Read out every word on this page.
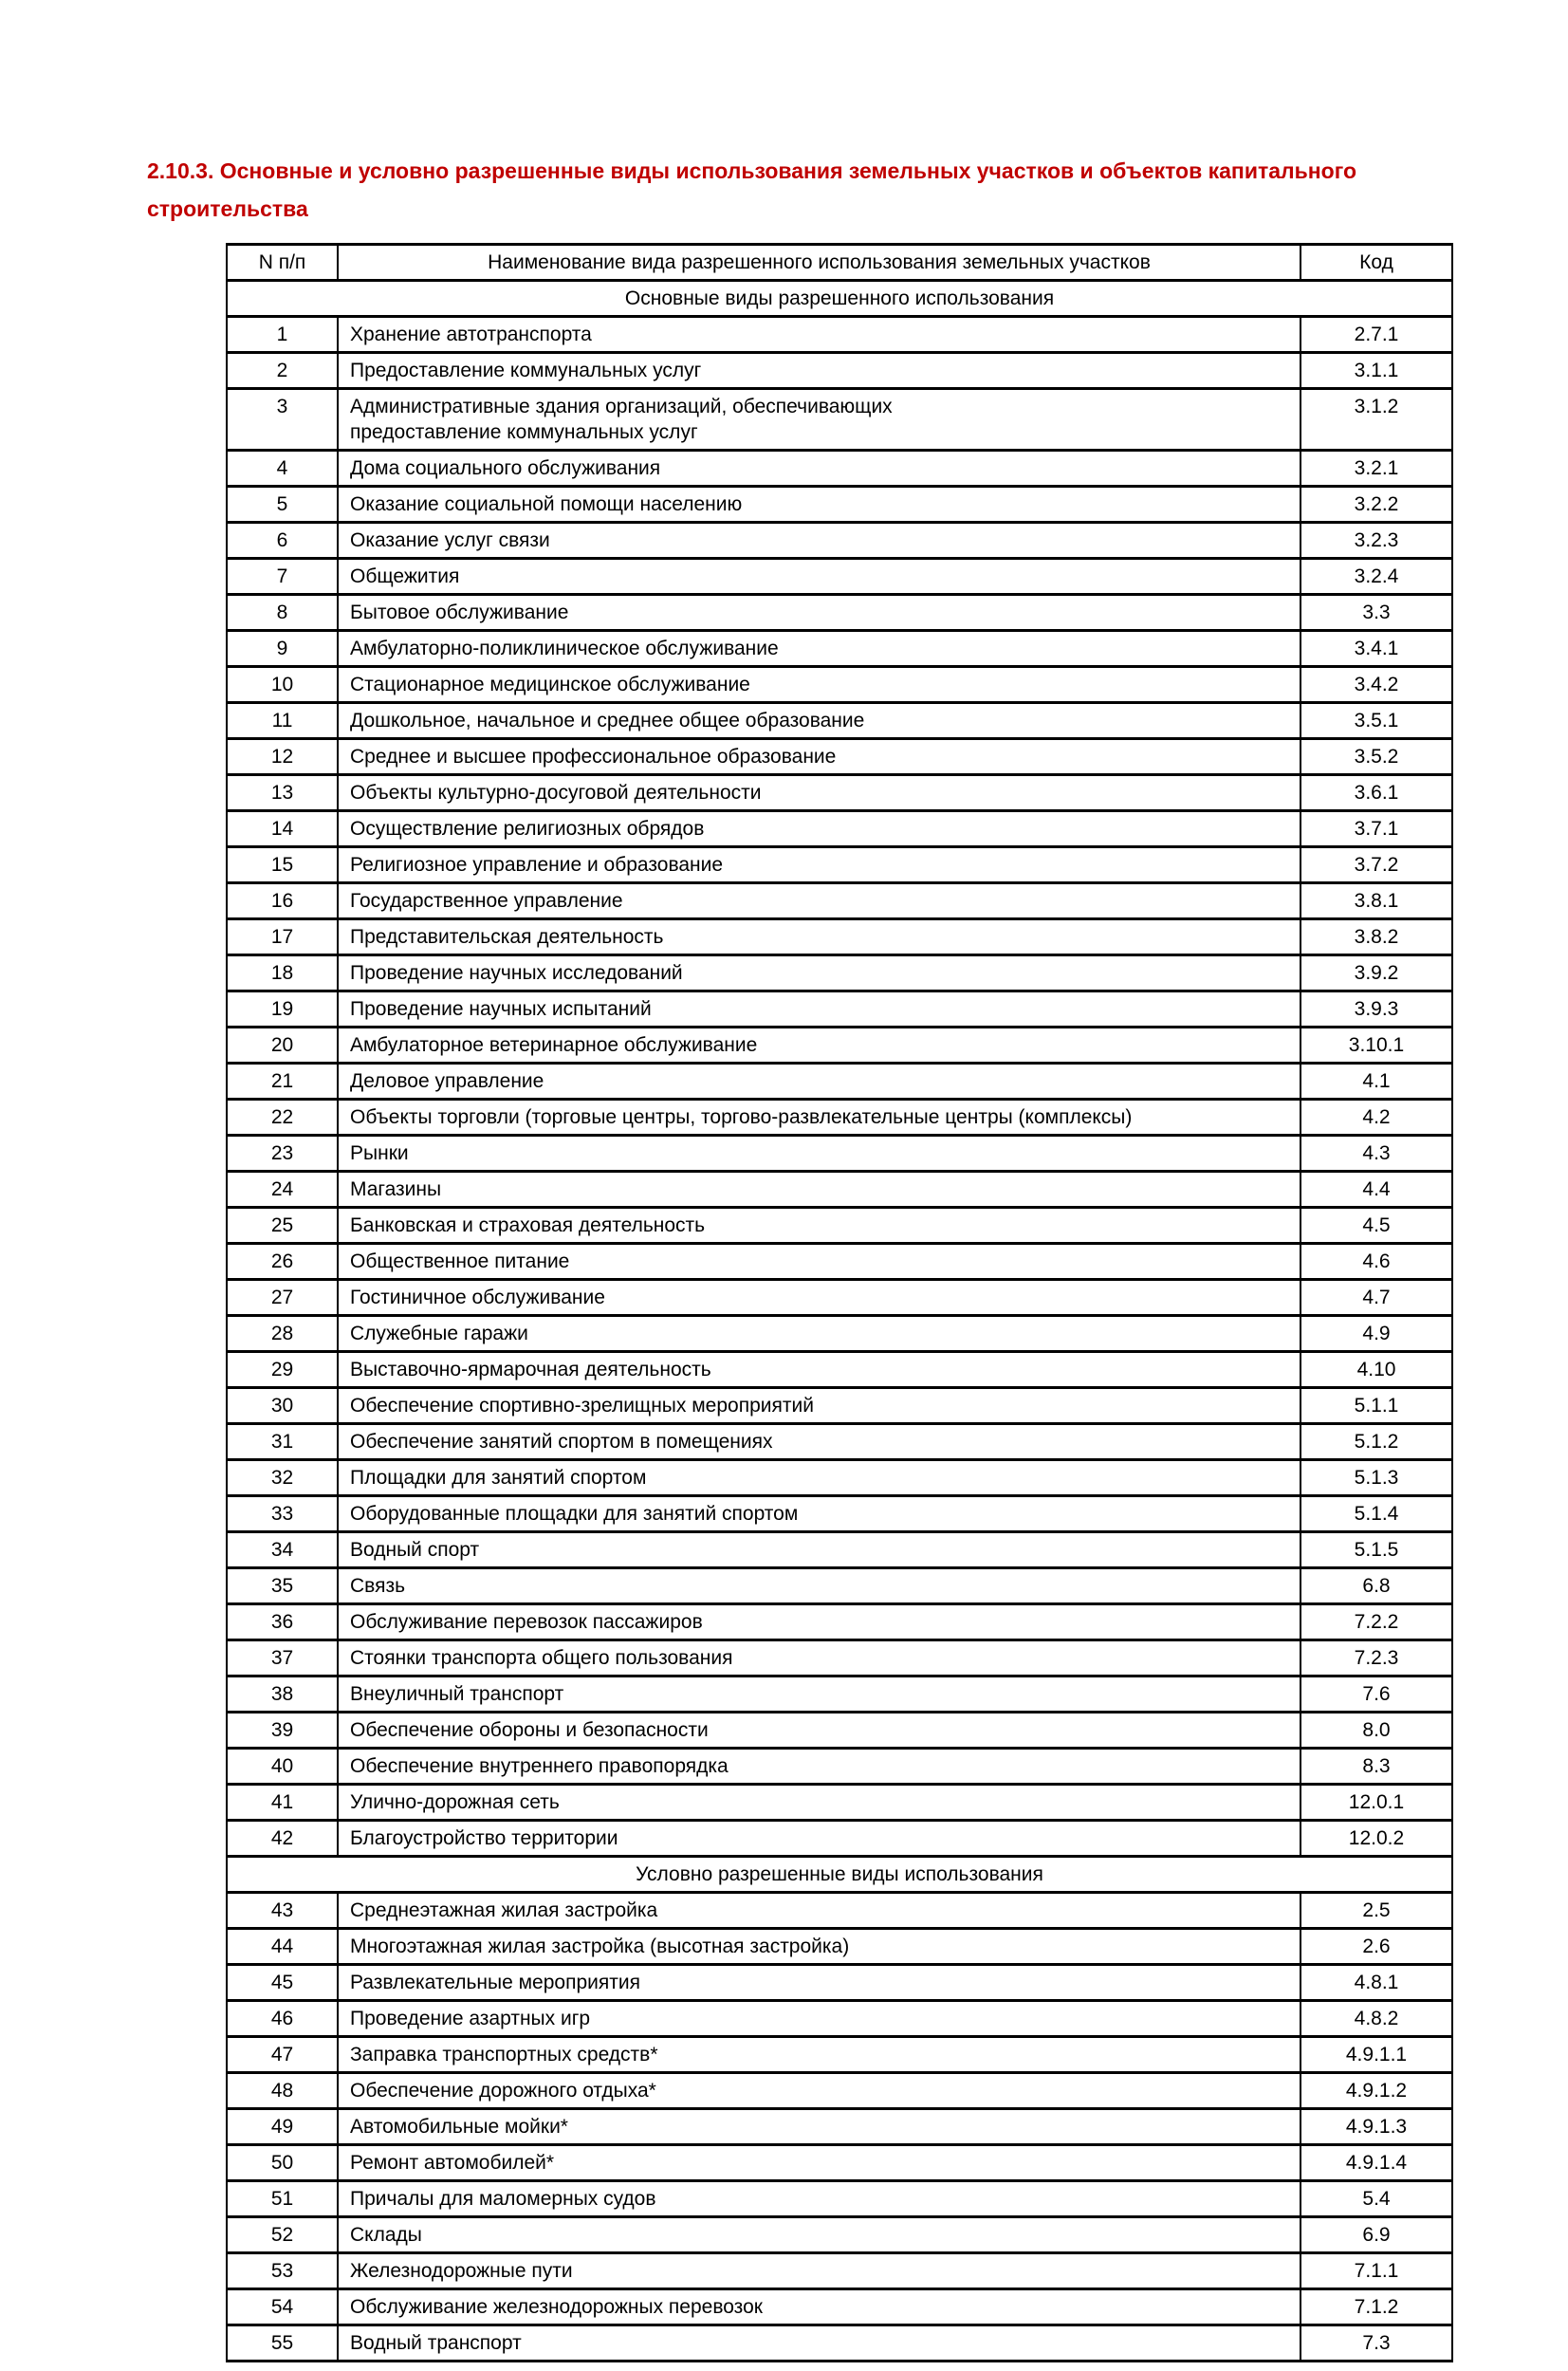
2.10.3. Основные и условно разрешенные виды использования земельных участков и объектов капитального строительства
N п/п	Наименование вида разрешенного использования земельных участков	Код
Основные виды разрешенного использования		
1	Хранение автотранспорта	2.7.1
2	Предоставление коммунальных услуг	3.1.1
3	Административные здания организаций, обеспечивающих предоставление коммунальных услуг	3.1.2
4	Дома социального обслуживания	3.2.1
5	Оказание социальной помощи населению	3.2.2
6	Оказание услуг связи	3.2.3
7	Общежития	3.2.4
8	Бытовое обслуживание	3.3
9	Амбулаторно-поликлиническое обслуживание	3.4.1
10	Стационарное медицинское обслуживание	3.4.2
11	Дошкольное, начальное и среднее общее образование	3.5.1
12	Среднее и высшее профессиональное образование	3.5.2
13	Объекты культурно-досуговой деятельности	3.6.1
14	Осуществление религиозных обрядов	3.7.1
15	Религиозное управление и образование	3.7.2
16	Государственное управление	3.8.1
17	Представительская деятельность	3.8.2
18	Проведение научных исследований	3.9.2
19	Проведение научных испытаний	3.9.3
20	Амбулаторное ветеринарное обслуживание	3.10.1
21	Деловое управление	4.1
22	Объекты торговли (торговые центры, торгово-развлекательные центры (комплексы)	4.2
23	Рынки	4.3
24	Магазины	4.4
25	Банковская и страховая деятельность	4.5
26	Общественное питание	4.6
27	Гостиничное обслуживание	4.7
28	Служебные гаражи	4.9
29	Выставочно-ярмарочная деятельность	4.10
30	Обеспечение спортивно-зрелищных мероприятий	5.1.1
31	Обеспечение занятий спортом в помещениях	5.1.2
32	Площадки для занятий спортом	5.1.3
33	Оборудованные площадки для занятий спортом	5.1.4
34	Водный спорт	5.1.5
35	Связь	6.8
36	Обслуживание перевозок пассажиров	7.2.2
37	Стоянки транспорта общего пользования	7.2.3
38	Внеуличный транспорт	7.6
39	Обеспечение обороны и безопасности	8.0
40	Обеспечение внутреннего правопорядка	8.3
41	Улично-дорожная сеть	12.0.1
42	Благоустройство территории	12.0.2
Условно разрешенные виды использования		
43	Среднеэтажная жилая застройка	2.5
44	Многоэтажная жилая застройка (высотная застройка)	2.6
45	Развлекательные мероприятия	4.8.1
46	Проведение азартных игр	4.8.2
47	Заправка транспортных средств*	4.9.1.1
48	Обеспечение дорожного отдыха*	4.9.1.2
49	Автомобильные мойки*	4.9.1.3
50	Ремонт автомобилей*	4.9.1.4
51	Причалы для маломерных судов	5.4
52	Склады	6.9
53	Железнодорожные пути	7.1.1
54	Обслуживание железнодорожных перевозок	7.1.2
55	Водный транспорт	7.3
